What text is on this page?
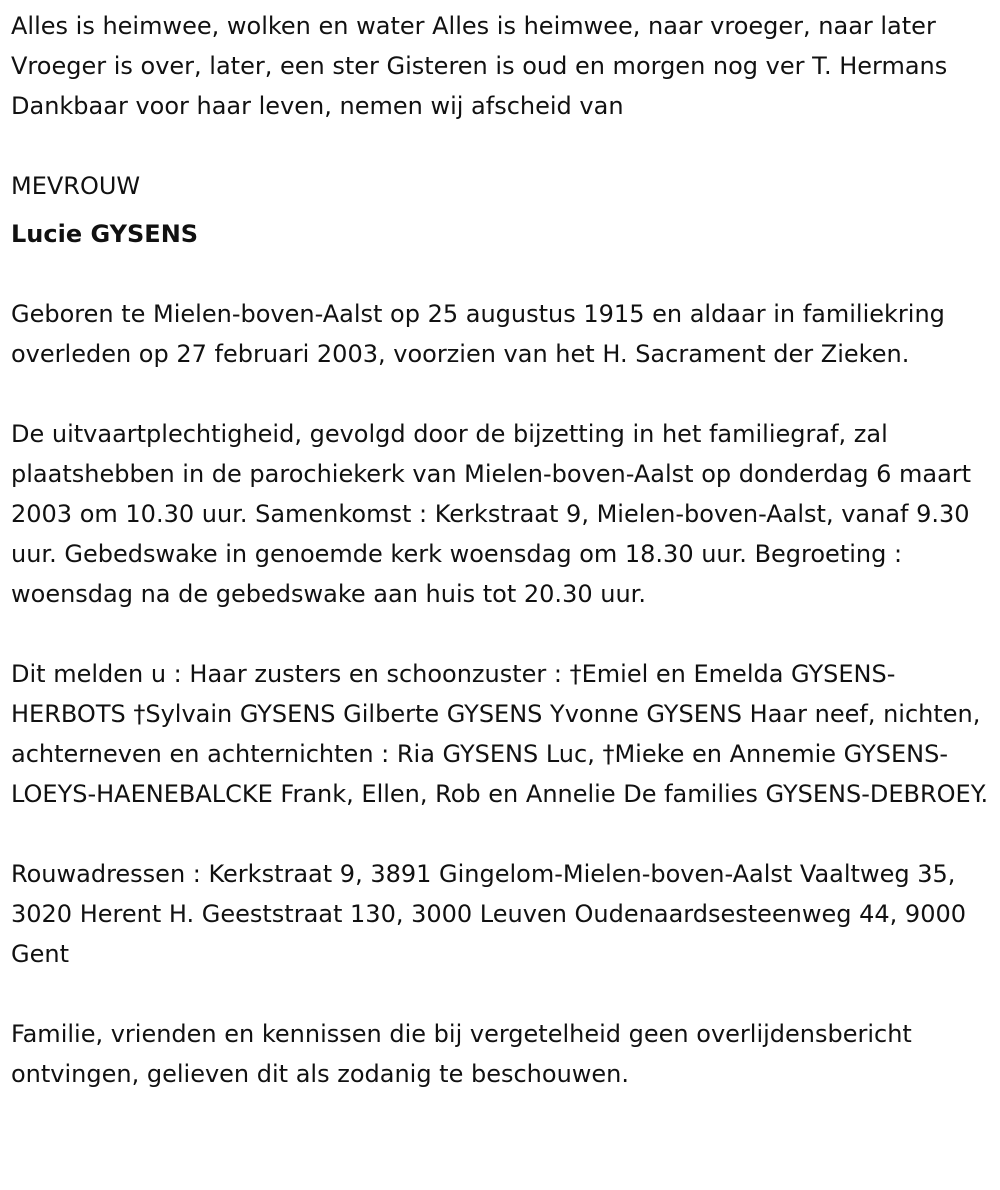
Alles is heimwee, wolken en water Alles is heimwee, naar vroeger, naar later Vroeger is over, later, een ster Gisteren is oud en morgen nog ver T. Hermans Dankbaar voor haar leven, nemen wij afscheid van

MEVROUW

Lucie GYSENS

Geboren te Mielen-boven-Aalst op 25 augustus 1915 en aldaar in familiekring overleden op 27 februari 2003, voorzien van het H. Sacrament der Zieken.

De uitvaartplechtigheid, gevolgd door de bijzetting in het familiegraf, zal plaatshebben in de parochiekerk van Mielen-boven-Aalst op donderdag 6 maart 2003 om 10.30 uur. Samenkomst : Kerkstraat 9, Mielen-boven-Aalst, vanaf 9.30 uur. Gebedswake in genoemde kerk woensdag om 18.30 uur. Begroeting : woensdag na de gebedswake aan huis tot 20.30 uur.

Dit melden u : Haar zusters en schoonzuster : †Emiel en Emelda GYSENS-HERBOTS †Sylvain GYSENS Gilberte GYSENS Yvonne GYSENS Haar neef, nichten, achterneven en achternichten : Ria GYSENS Luc, †Mieke en Annemie GYSENS-LOEYS-HAENEBALCKE Frank, Ellen, Rob en Annelie De families GYSENS-DEBROEY.

Rouwadressen : Kerkstraat 9, 3891 Gingelom-Mielen-boven-Aalst Vaaltweg 35, 3020 Herent H. Geeststraat 130, 3000 Leuven Oudenaardsesteenweg 44, 9000 Gent

Familie, vrienden en kennissen die bij vergetelheid geen overlijdensbericht ontvingen, gelieven dit als zodanig te beschouwen.
